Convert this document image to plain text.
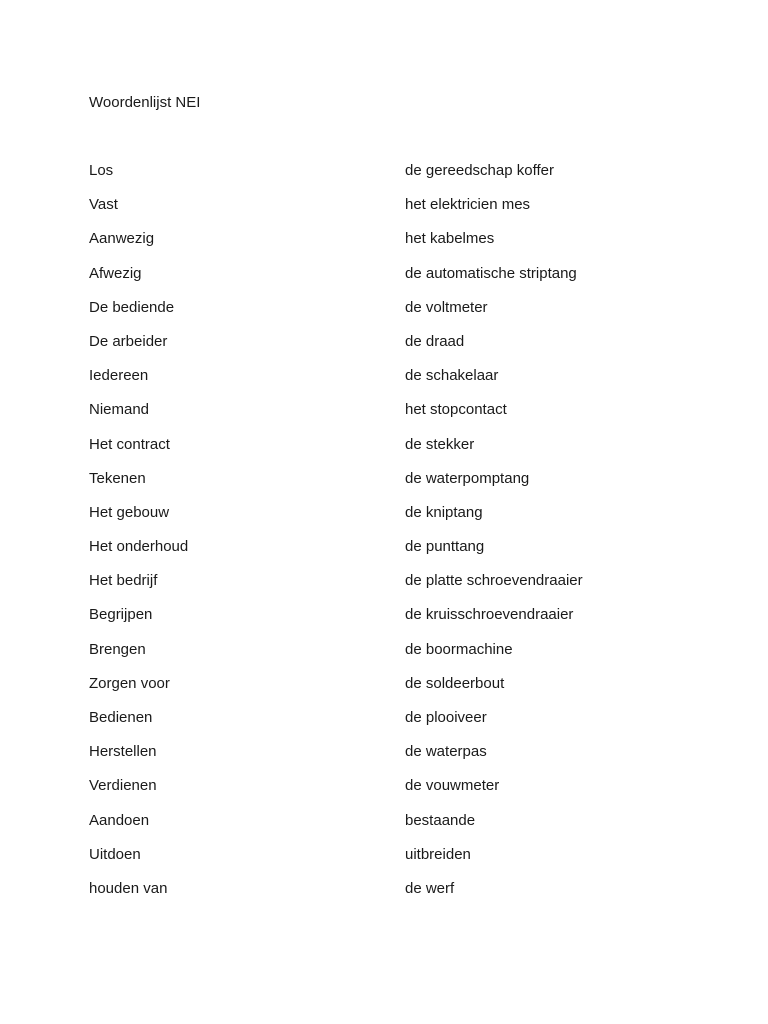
Woordenlijst NEI
Los	de gereedschap koffer
Vast	het elektricien mes
Aanwezig	het kabelmes
Afwezig	de automatische striptang
De bediende	de voltmeter
De arbeider	de draad
Iedereen	de schakelaar
Niemand	het stopcontact
Het contract	de stekker
Tekenen	de waterpomptang
Het gebouw	de kniptang
Het onderhoud	de punttang
Het bedrijf	de platte schroevendraaier
Begrijpen	de kruisschroevendraaier
Brengen	de boormachine
Zorgen voor	de soldeerbout
Bedienen	de plooiveer
Herstellen	de waterpas
Verdienen	de vouwmeter
Aandoen	bestaande
Uitdoen	uitbreiden
houden van	de werf
